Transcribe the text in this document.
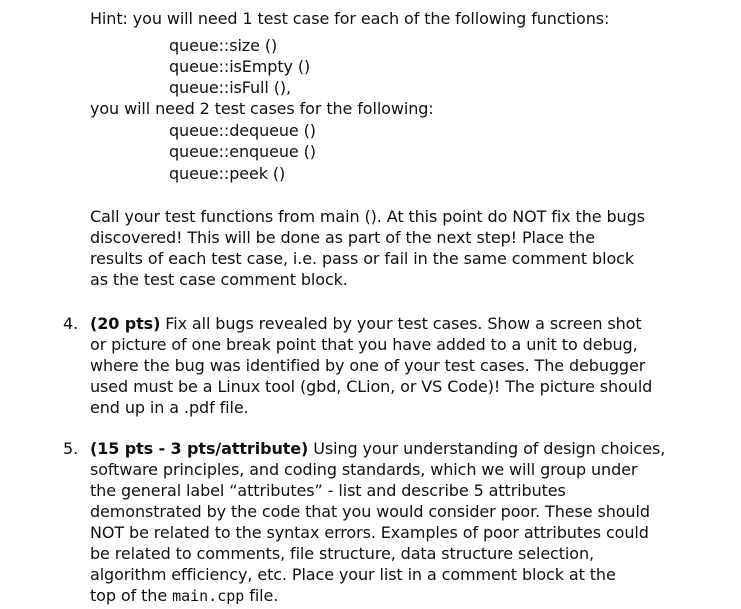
Hint: you will need 1 test case for each of the following functions:
queue::size ()
queue::isEmpty ()
queue::isFull (),
you will need 2 test cases for the following:
queue::dequeue ()
queue::enqueue ()
queue::peek ()
Call your test functions from main (). At this point do NOT fix the bugs
discovered! This will be done as part of the next step! Place the
results of each test case, i.e. pass or fail in the same comment block
as the test case comment block.
4. (20 pts) Fix all bugs revealed by your test cases. Show a screen shot
or picture of one break point that you have added to a unit to debug,
where the bug was identified by one of your test cases. The debugger
used must be a Linux tool (gbd, CLion, or VS Code)! The picture should
end up in a .pdf file.
5. (15 pts - 3 pts/attribute) Using your understanding of design choices,
software principles, and coding standards, which we will group under
the general label “attributes” - list and describe 5 attributes
demonstrated by the code that you would consider poor. These should
NOT be related to the syntax errors. Examples of poor attributes could
be related to comments, file structure, data structure selection,
algorithm efficiency, etc. Place your list in a comment block at the
top of the main.cpp file.
